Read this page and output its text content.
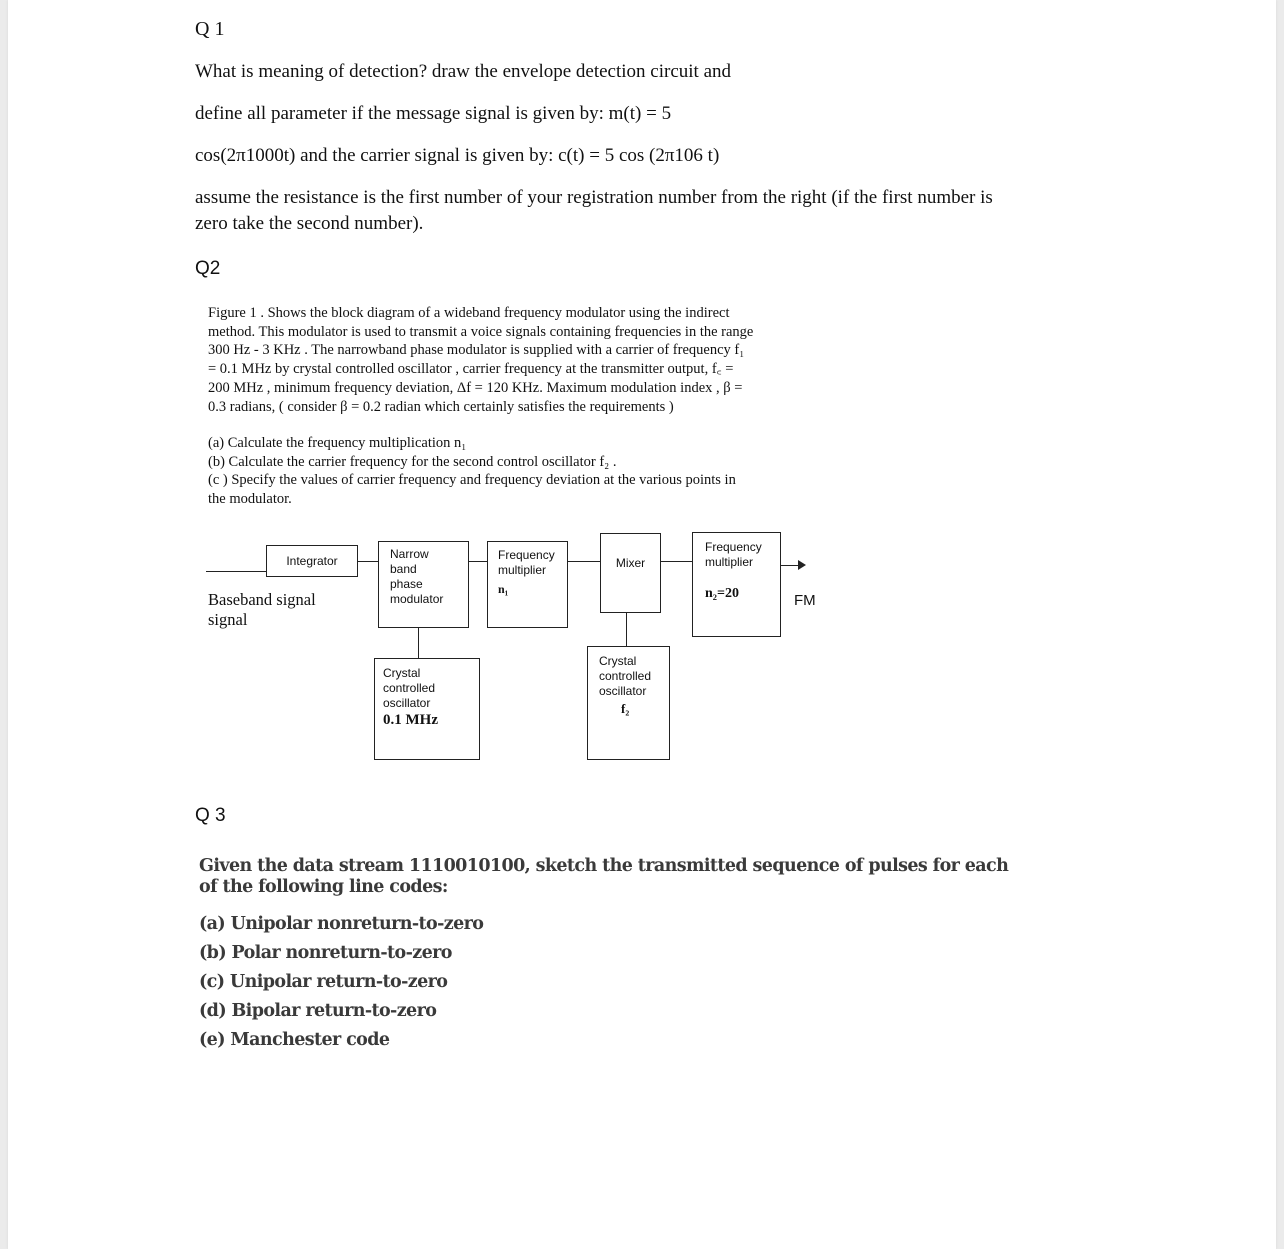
Q 1
What is meaning of detection? draw the envelope detection circuit and
define all parameter if the message signal is given by: m(t) = 5
cos(2π1000t) and the carrier signal is given by: c(t) = 5 cos (2π106 t)
assume the resistance is the first number of your registration number from the right (if the first number is
zero take the second number).
Q2
Figure 1 . Shows the block diagram of a wideband frequency modulator using the indirect
method. This modulator is used to transmit a voice signals containing frequencies in the range
300 Hz - 3 KHz . The narrowband phase modulator is supplied with a carrier of frequency f₁
= 0.1 MHz by crystal controlled oscillator , carrier frequency at the transmitter output, f꜀ =
200 MHz , minimum frequency deviation, Δf = 120 KHz. Maximum modulation index , β =
0.3 radians, ( consider β = 0.2 radian which certainly satisfies the requirements )
(a) Calculate the frequency multiplication n₁
(b) Calculate the carrier frequency for the second control oscillator f₂ .
(c ) Specify the values of carrier frequency and frequency deviation at the various points in
the modulator.
Integrator	Narrow
band
phase
modulator
Frequency
multiplier
n₁
Mixer
Frequency
multiplier
n₂=20	FM
Baseband signal
signal
Crystal
controlled
oscillator
0.1 MHz
Crystal
controlled
oscillator
f₂
Q 3
Given the data stream 1110010100, sketch the transmitted sequence of pulses for each
of the following line codes:
(a) Unipolar nonreturn-to-zero
(b) Polar nonreturn-to-zero
(c) Unipolar return-to-zero
(d) Bipolar return-to-zero
(e) Manchester code
